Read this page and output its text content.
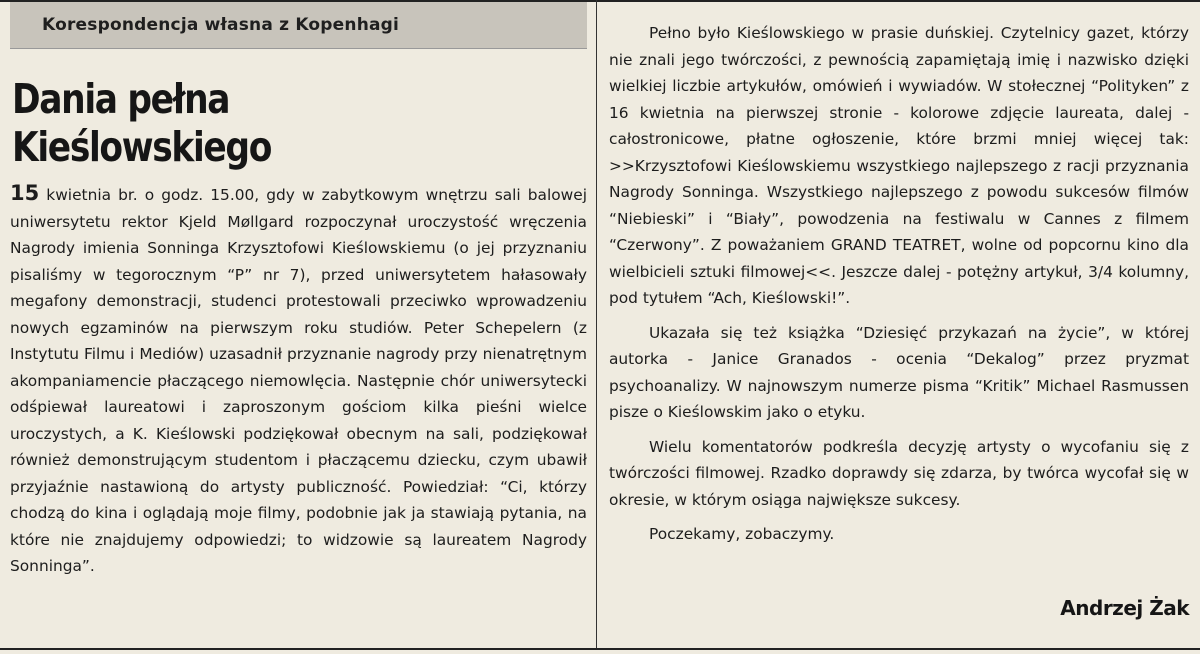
Korespondencja własna z Kopenhagi
Dania pełna Kieślowskiego

15 kwietnia br. o godz. 15.00, gdy w zabytkowym wnętrzu sali balowej uniwersytetu rektor Kjeld Møllgard rozpoczynał uroczystość wręczenia Nagrody imienia Sonninga Krzysztofowi Kieślowskiemu (o jej przyznaniu pisaliśmy w tegorocznym “P” nr 7), przed uniwersytetem hałasowały megafony demonstracji, studenci protestowali przeciwko wprowadzeniu nowych egzaminów na pierwszym roku studiów. Peter Schepelern (z Instytutu Filmu i Mediów) uzasadnił przyznanie nagrody przy nienatrętnym akompaniamencie płaczącego niemowlęcia. Następnie chór uniwersytecki odśpiewał laureatowi i zaproszonym gościom kilka pieśni wielce uroczystych, a K. Kieślowski podziękował obecnym na sali, podziękował również demonstrującym studentom i płaczącemu dziecku, czym ubawił przyjaźnie nastawioną do artysty publiczność. Powiedział: “Ci, którzy chodzą do kina i oglądają moje filmy, podobnie jak ja stawiają pytania, na które nie znajdujemy odpowiedzi; to widzowie są laureatem Nagrody Sonninga”.

Pełno było Kieślowskiego w prasie duńskiej. Czytelnicy gazet, którzy nie znali jego twórczości, z pewnością zapamiętają imię i nazwisko dzięki wielkiej liczbie artykułów, omówień i wywiadów. W stołecznej “Polityken” z 16 kwietnia na pierwszej stronie - kolorowe zdjęcie laureata, dalej - całostronicowe, płatne ogłoszenie, które brzmi mniej więcej tak: >>Krzysztofowi Kieślowskiemu wszystkiego najlepszego z racji przyznania Nagrody Sonninga. Wszystkiego najlepszego z powodu sukcesów filmów “Niebieski” i “Biały”, powodzenia na festiwalu w Cannes z filmem “Czerwony”. Z poważaniem GRAND TEATRET, wolne od popcornu kino dla wielbicieli sztuki filmowej<<. Jeszcze dalej - potężny artykuł, 3/4 kolumny, pod tytułem “Ach, Kieślowski!”.

Ukazała się też książka “Dziesięć przykazań na życie”, w której autorka - Janice Granados - ocenia “Dekalog” przez pryzmat psychoanalizy. W najnowszym numerze pisma “Kritik” Michael Rasmussen pisze o Kieślowskim jako o etyku.

Wielu komentatorów podkreśla decyzję artysty o wycofaniu się z twórczości filmowej. Rzadko doprawdy się zdarza, by twórca wycofał się w okresie, w którym osiąga największe sukcesy.

Poczekamy, zobaczymy.

Andrzej Żak
